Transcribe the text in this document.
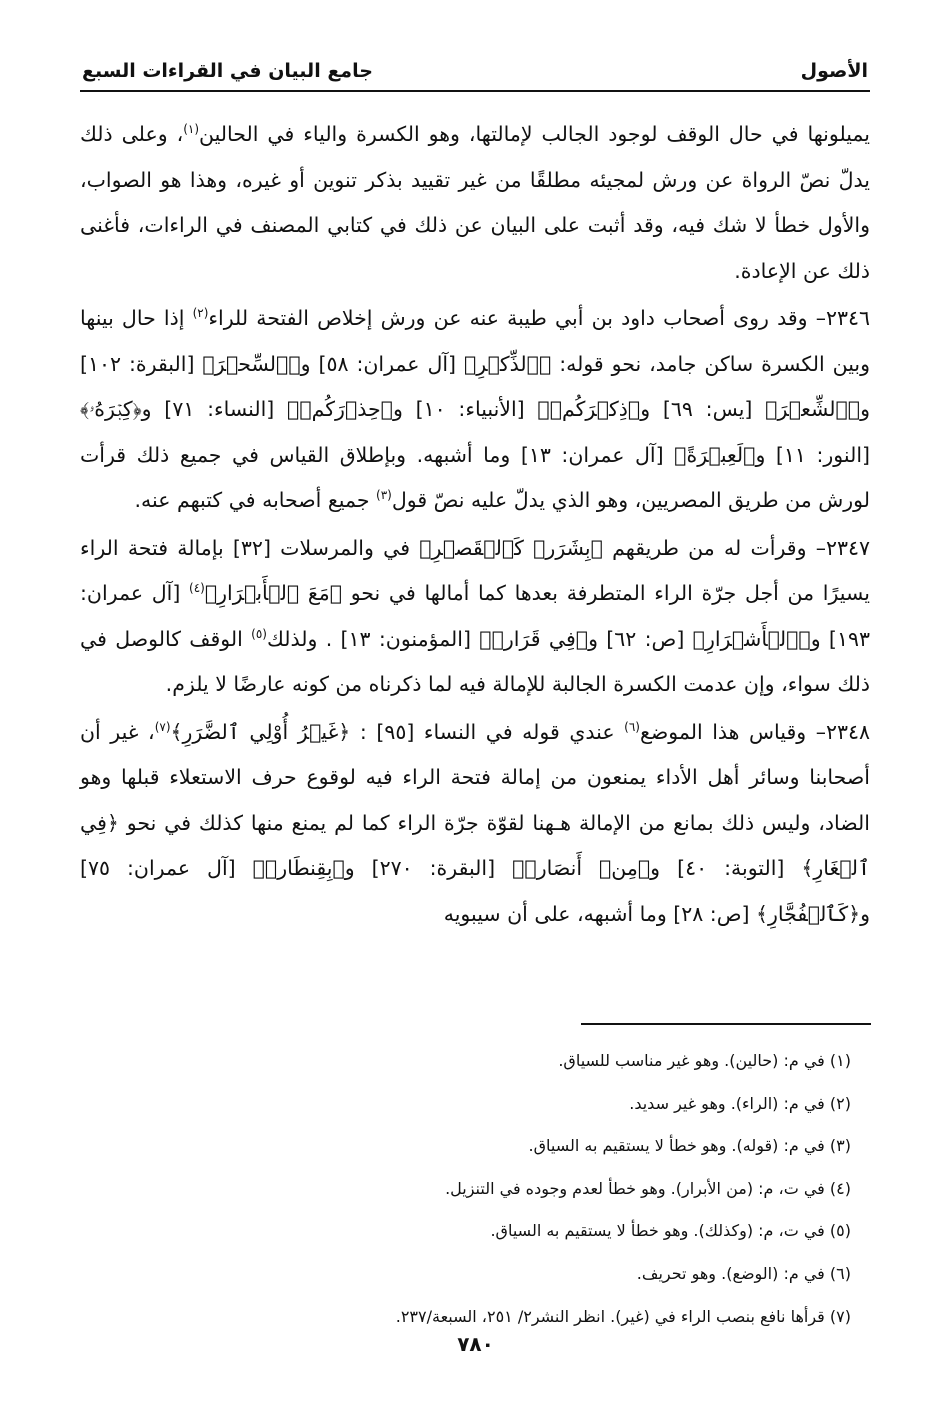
الأصول
جامع البيان في القراءات السبع

يميلونها في حال الوقف لوجود الجالب لإمالتها، وهو الكسرة والياء في الحالين$^{(١)}$، وعلى ذلك يدلّ نصّ الرواة عن ورش لمجيئه مطلقًا من غير تقييد بذكر تنوين أو غيره، وهذا هو الصواب، والأول خطأ لا شك فيه، وقد أثبت على البيان عن ذلك في كتابي المصنف في الراءات، فأغنى ذلك عن الإعادة.

٢٣٤٦– وقد روى أصحاب داود بن أبي طيبة عنه عن ورش إخلاص الفتحة للراء$^{(٢)}$ إذا حال بينها وبين الكسرة ساكن جامد، نحو قوله: ﴿ٱلذِّكۡرِ﴾ [آل عمران: ٥٨] و﴿ٱلسِّحۡرَ﴾ [البقرة: ١٠٢] و﴿ٱلشِّعۡرَ﴾ [يس: ٦٩] و﴿ذِكۡرَكُمۡ﴾ [الأنبياء: ١٠] و﴿حِذۡرَكُمۡ﴾ [النساء: ٧١] و﴿كِبۡرَهُۥ﴾ [النور: ١١] و﴿لَعِبۡرَةً﴾ [آل عمران: ١٣] وما أشبهه. وبإطلاق القياس في جميع ذلك قرأت لورش من طريق المصريين، وهو الذي يدلّ عليه نصّ قول$^{(٣)}$ جميع أصحابه في كتبهم عنه.

٢٣٤٧– وقرأت له من طريقهم ﴿بِشَرَرٖ كَٱلۡقَصۡرِ﴾ في والمرسلات [٣٢] بإمالة فتحة الراء يسيرًا من أجل جرّة الراء المتطرفة بعدها كما أمالها في نحو ﴿مَعَ ٱلۡأَبۡرَارِ﴾$^{(٤)}$ [آل عمران: ١٩٣] و﴿ٱلۡأَشۡرَارِ﴾ [ص: ٦٢] و﴿فِي قَرَارٖ﴾ [المؤمنون: ١٣] . ولذلك$^{(٥)}$ الوقف كالوصل في ذلك سواء، وإن عدمت الكسرة الجالبة للإمالة فيه لما ذكرناه من كونه عارضًا لا يلزم.

٢٣٤٨– وقياس هذا الموضع$^{(٦)}$ عندي قوله في النساء [٩٥] : ﴿غَيۡرُ أُوْلِي ٱلضَّرَرِ﴾$^{(٧)}$، غير أن أصحابنا وسائر أهل الأداء يمنعون من إمالة فتحة الراء فيه لوقوع حرف الاستعلاء قبلها وهو الضاد، وليس ذلك بمانع من الإمالة هـهنا لقوّة جرّة الراء كما لم يمنع منها كذلك في نحو ﴿فِي ٱلۡغَارِ﴾ [التوبة: ٤٠] و﴿مِنۡ أَنصَارٖ﴾ [البقرة: ٢٧٠] و﴿بِقِنطَارٖ﴾ [آل عمران: ٧٥] و﴿كَٱلۡفُجَّارِ﴾ [ص: ٢٨] وما أشبهه، على أن سيبويه

(١) في م: (حالين). وهو غير مناسب للسياق.
(٢) في م: (الراء). وهو غير سديد.
(٣) في م: (قوله). وهو خطأ لا يستقيم به السياق.
(٤) في ت، م: (من الأبرار). وهو خطأ لعدم وجوده في التنزيل.
(٥) في ت، م: (وكذلك). وهو خطأ لا يستقيم به السياق.
(٦) في م: (الوضع). وهو تحريف.
(٧) قرأها نافع بنصب الراء في (غير). انظر النشر٢/ ٢٥١، السبعة/٢٣٧.
٧٨٠
